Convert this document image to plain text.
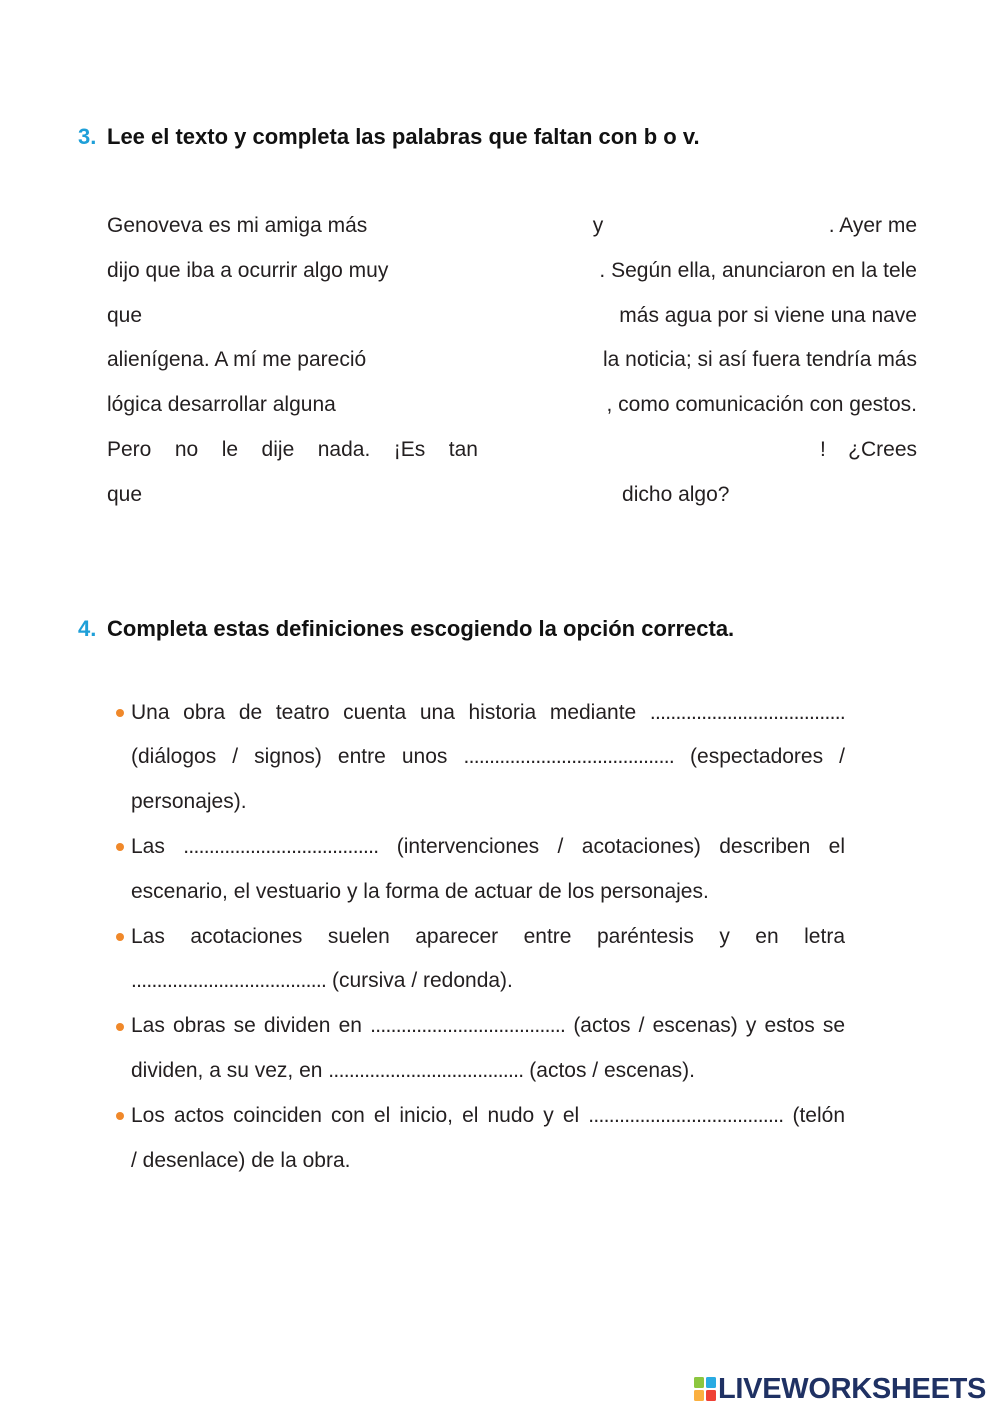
3. Lee el texto y completa las palabras que faltan con b o v.
Genoveva es mi amiga más	y	. Ayer me
dijo que iba a ocurrir algo muy	. Según ella, anunciaron en la tele
que	más agua por si viene una nave
alienígena. A mí me pareció	la noticia; si así fuera tendría más
lógica desarrollar alguna	, como comunicación con gestos.
Pero no le dije nada. ¡Es tan	! ¿Crees
que	dicho algo?
4. Completa estas definiciones escogiendo la opción correcta.
Una obra de teatro cuenta una historia mediante ......................................
(diálogos / signos) entre unos ......................................... (espectadores /
personajes).
Las ...................................... (intervenciones / acotaciones) describen el
escenario, el vestuario y la forma de actuar de los personajes.
Las acotaciones suelen aparecer entre paréntesis y en letra
...................................... (cursiva / redonda).
Las obras se dividen en ...................................... (actos / escenas) y estos se
dividen, a su vez, en ...................................... (actos / escenas).
Los actos coinciden con el inicio, el nudo y el ...................................... (telón
/ desenlace) de la obra.
LIVEWORKSHEETS
